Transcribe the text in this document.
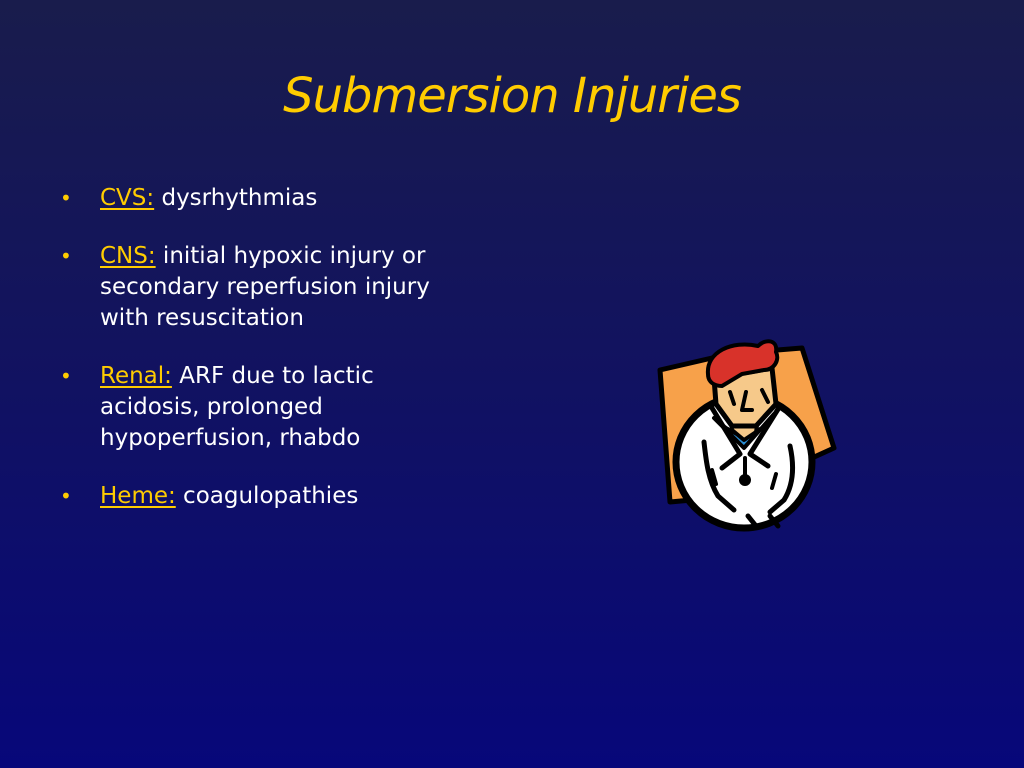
Submersion Injuries
• CVS: dysrhythmias
• CNS: initial hypoxic injury or secondary reperfusion injury with resuscitation
• Renal: ARF due to lactic acidosis, prolonged hypoperfusion, rhabdo
• Heme: coagulopathies
